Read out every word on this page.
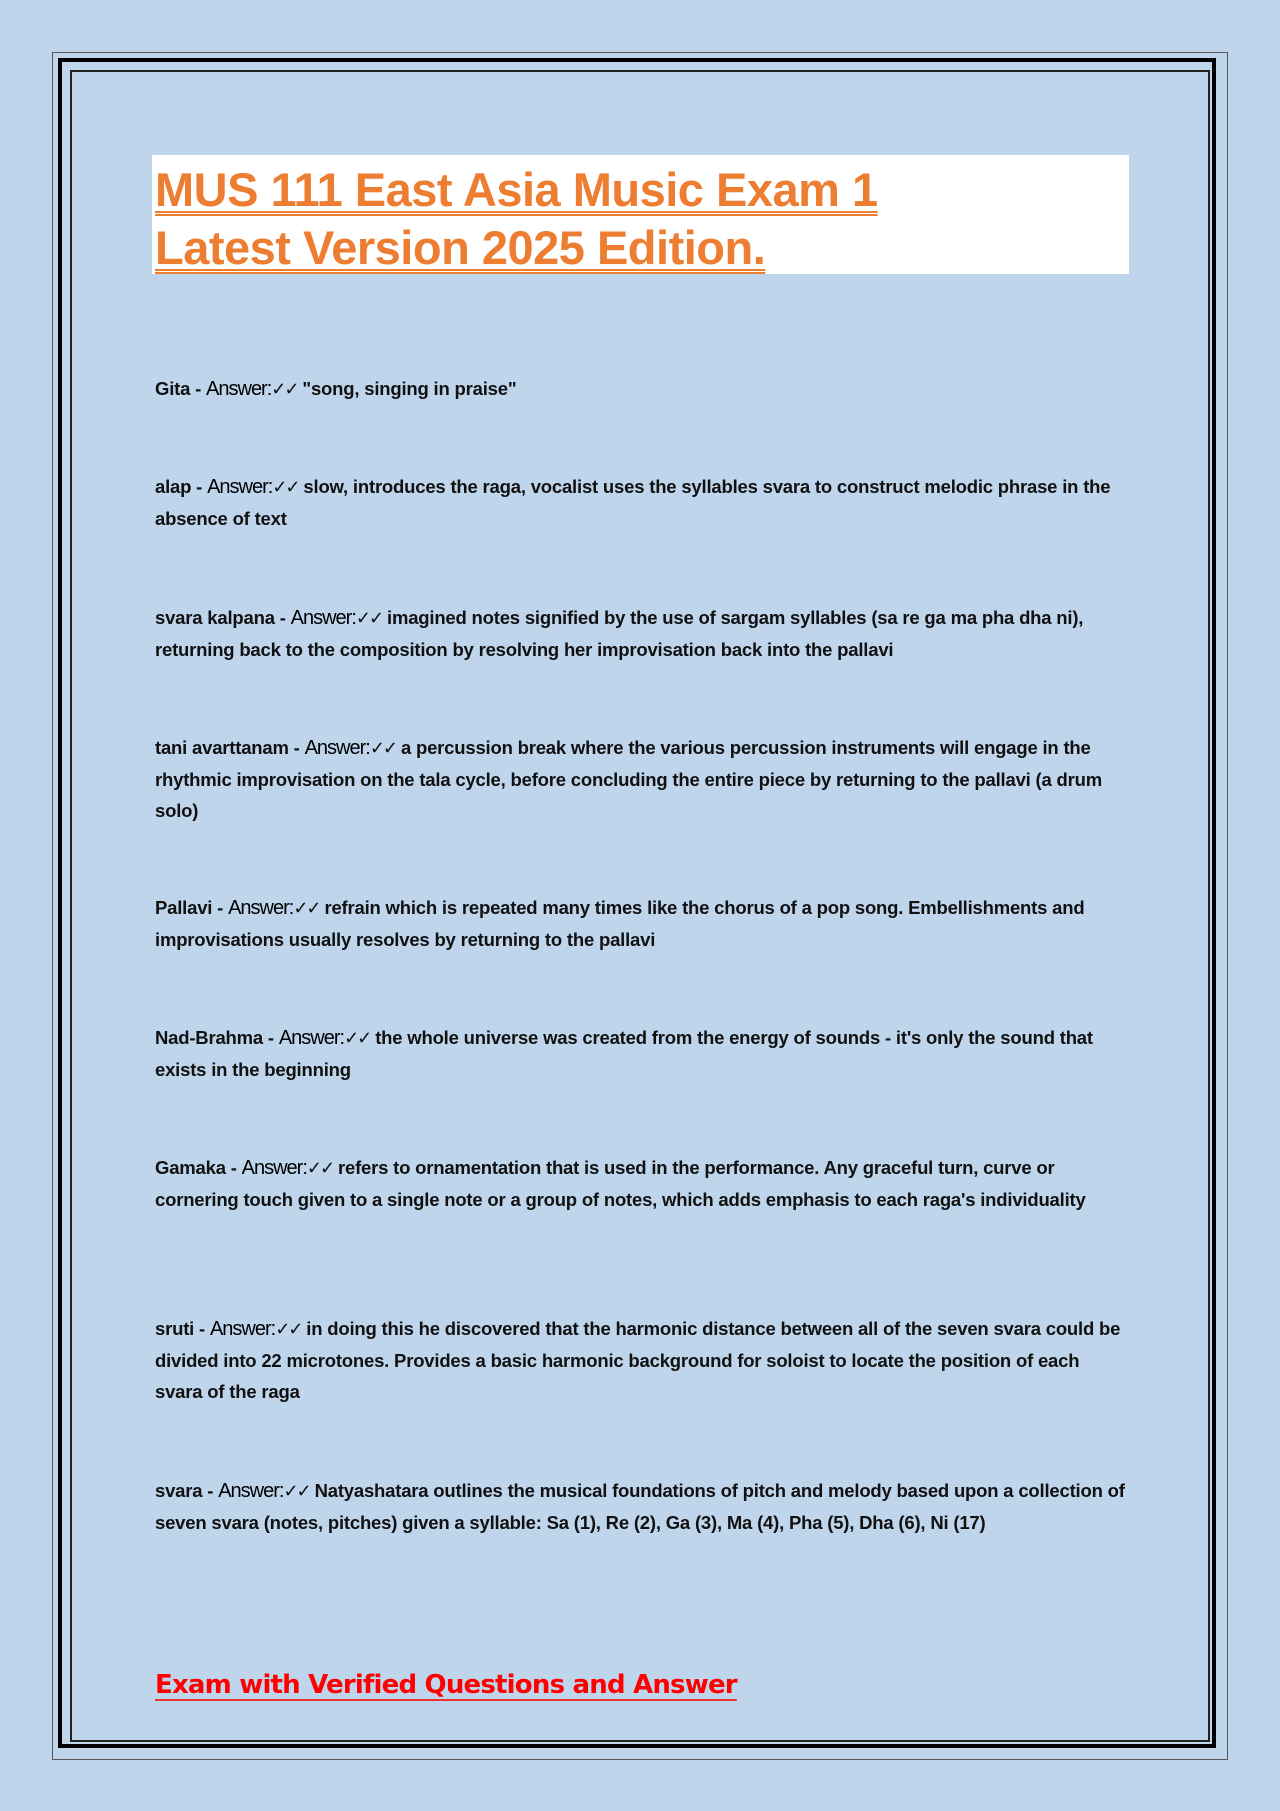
MUS 111 East Asia Music Exam 1
Latest Version 2025 Edition.
Gita - Answer:✓✓ "song, singing in praise"
alap - Answer:✓✓ slow, introduces the raga, vocalist uses the syllables svara to construct melodic phrase in the absence of text
svara kalpana - Answer:✓✓ imagined notes signified by the use of sargam syllables (sa re ga ma pha dha ni), returning back to the composition by resolving her improvisation back into the pallavi
tani avarttanam - Answer:✓✓ a percussion break where the various percussion instruments will engage in the rhythmic improvisation on the tala cycle, before concluding the entire piece by returning to the pallavi (a drum solo)
Pallavi - Answer:✓✓ refrain which is repeated many times like the chorus of a pop song. Embellishments and improvisations usually resolves by returning to the pallavi
Nad-Brahma - Answer:✓✓ the whole universe was created from the energy of sounds - it's only the sound that exists in the beginning
Gamaka - Answer:✓✓ refers to ornamentation that is used in the performance. Any graceful turn, curve or cornering touch given to a single note or a group of notes, which adds emphasis to each raga's individuality
sruti - Answer:✓✓ in doing this he discovered that the harmonic distance between all of the seven svara could be divided into 22 microtones. Provides a basic harmonic background for soloist to locate the position of each svara of the raga
svara - Answer:✓✓ Natyashatara outlines the musical foundations of pitch and melody based upon a collection of seven svara (notes, pitches) given a syllable: Sa (1), Re (2), Ga (3), Ma (4), Pha (5), Dha (6), Ni (17)
Exam with Verified Questions and Answer
